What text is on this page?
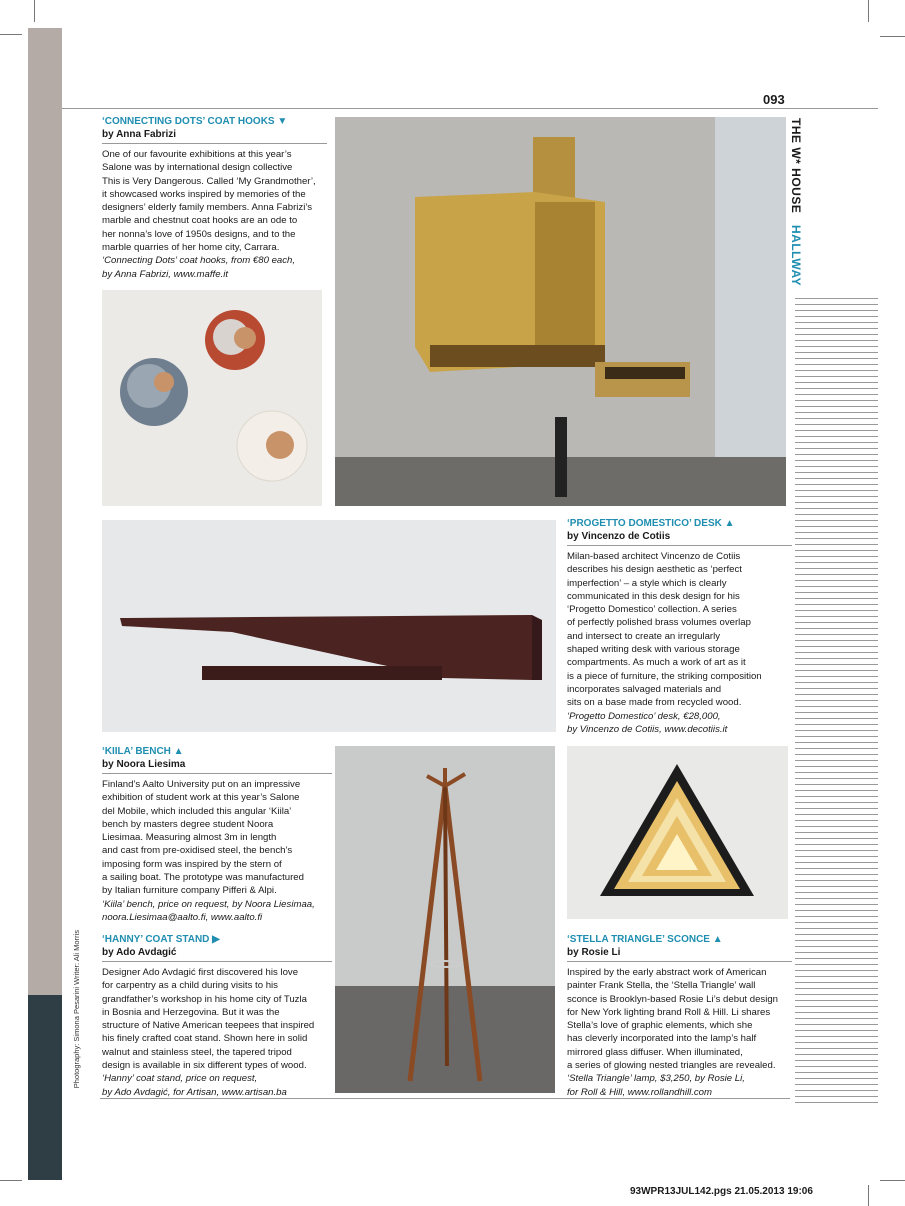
093
THE W* HOUSE HALLWAY
‘CONNECTING DOTS’ COAT HOOKS ▼
by Anna Fabrizi
One of our favourite exhibitions at this year’s
Salone was by international design collective
This is Very Dangerous. Called ‘My Grandmother’,
it showcased works inspired by memories of the
designers’ elderly family members. Anna Fabrizi’s
marble and chestnut coat hooks are an ode to
her nonna’s love of 1950s designs, and to the
marble quarries of her home city, Carrara.
‘Connecting Dots’ coat hooks, from €80 each,
by Anna Fabrizi, www.maffe.it
‘PROGETTO DOMESTICO’ DESK ▲
by Vincenzo de Cotiis
Milan-based architect Vincenzo de Cotiis
describes his design aesthetic as ‘perfect
imperfection’ – a style which is clearly
communicated in this desk design for his
‘Progetto Domestico’ collection. A series
of perfectly polished brass volumes overlap
and intersect to create an irregularly
shaped writing desk with various storage
compartments. As much a work of art as it
is a piece of furniture, the striking composition
incorporates salvaged materials and
sits on a base made from recycled wood.
‘Progetto Domestico’ desk, €28,000,
by Vincenzo de Cotiis, www.decotiis.it
‘KIILA’ BENCH ▲
by Noora Liesima
Finland’s Aalto University put on an impressive
exhibition of student work at this year’s Salone
del Mobile, which included this angular ‘Kiila’
bench by masters degree student Noora
Liesimaa. Measuring almost 3m in length
and cast from pre-oxidised steel, the bench’s
imposing form was inspired by the stern of
a sailing boat. The prototype was manufactured
by Italian furniture company Pifferi & Alpi.
‘Kiila’ bench, price on request, by Noora Liesimaa,
noora.Liesimaa@aalto.fi, www.aalto.fi
‘HANNY’ COAT STAND ▶
by Ado Avdagić
Designer Ado Avdagić first discovered his love
for carpentry as a child during visits to his
grandfather’s workshop in his home city of Tuzla
in Bosnia and Herzegovina. But it was the
structure of Native American teepees that inspired
his finely crafted coat stand. Shown here in solid
walnut and stainless steel, the tapered tripod
design is available in six different types of wood.
‘Hanny’ coat stand, price on request,
by Ado Avdagić, for Artisan, www.artisan.ba
‘STELLA TRIANGLE’ SCONCE ▲
by Rosie Li
Inspired by the early abstract work of American
painter Frank Stella, the ‘Stella Triangle’ wall
sconce is Brooklyn-based Rosie Li’s debut design
for New York lighting brand Roll & Hill. Li shares
Stella’s love of graphic elements, which she
has cleverly incorporated into the lamp’s half
mirrored glass diffuser. When illuminated,
a series of glowing nested triangles are revealed.
‘Stella Triangle’ lamp, $3,250, by Rosie Li,
for Roll & Hill, www.rollandhill.com
Photography: Simona Pesarini Writer: Ali Morris
93WPR13JUL142.pgs 21.05.2013 19:06
